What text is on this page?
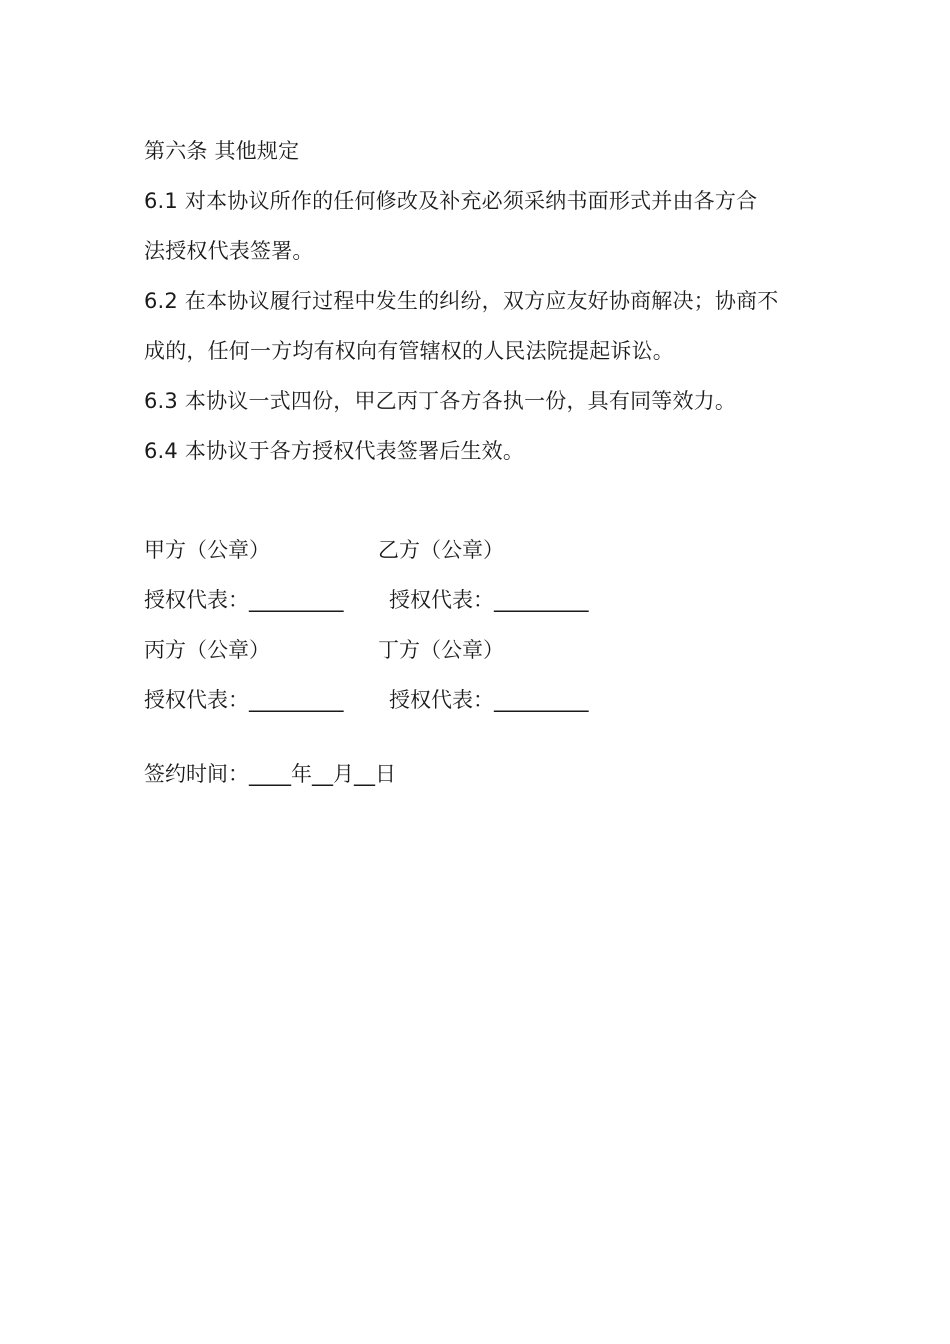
第六条 其他规定
6.1 对本协议所作的任何修改及补充必须采纳书面形式并由各方合
法授权代表签署。
6.2 在本协议履行过程中发生的纠纷，双方应友好协商解决；协商不
成的，任何一方均有权向有管辖权的人民法院提起诉讼。
6.3 本协议一式四份，甲乙丙丁各方各执一份，具有同等效力。
6.4 本协议于各方授权代表签署后生效。
甲方（公章）	乙方（公章）
授权代表：_________ 授权代表：_________
丙方（公章）	丁方（公章）
授权代表：_________ 授权代表：_________
签约时间：____年__月__日
